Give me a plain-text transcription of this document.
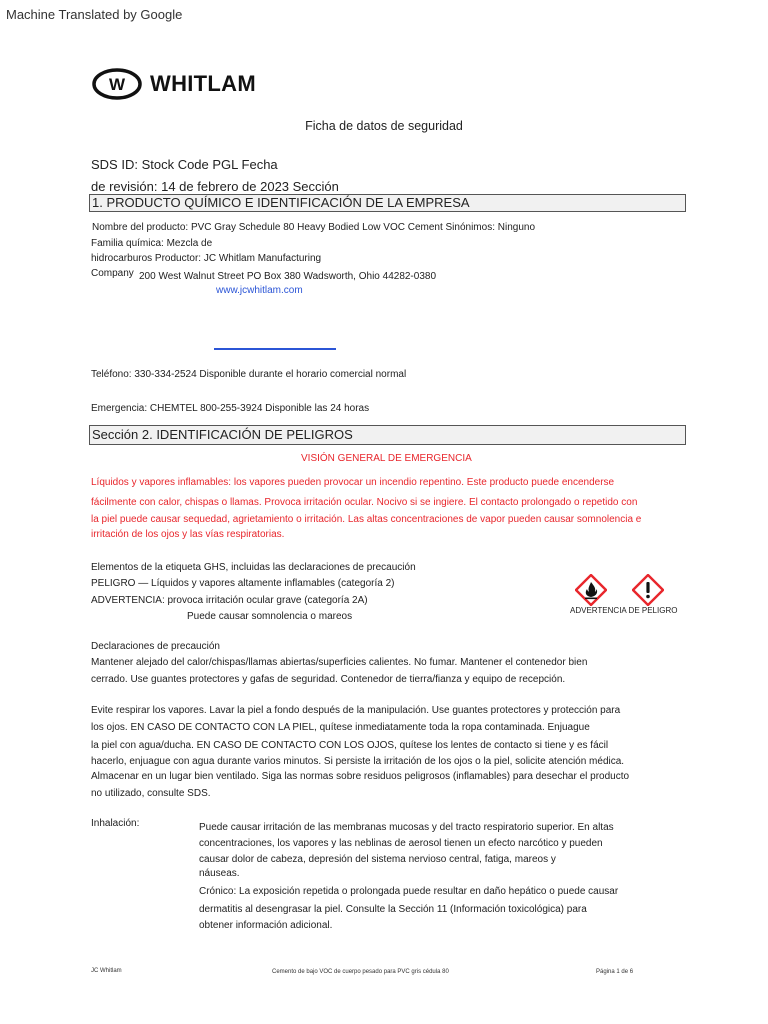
Machine Translated by Google
W WHITLAM
Ficha de datos de seguridad
SDS ID: Stock Code PGL Fecha
de revisión: 14 de febrero de 2023 Sección
1. PRODUCTO QUÍMICO E IDENTIFICACIÓN DE LA EMPRESA
Nombre del producto: PVC Gray Schedule 80 Heavy Bodied Low VOC Cement Sinónimos: Ninguno
Familia química: Mezcla de
hidrocarburos Productor: JC Whitlam Manufacturing
Company 200 West Walnut Street PO Box 380 Wadsworth, Ohio 44282-0380
www.jcwhitlam.com
Teléfono: 330-334-2524 Disponible durante el horario comercial normal
Emergencia: CHEMTEL 800-255-3924 Disponible las 24 horas
Sección 2. IDENTIFICACIÓN DE PELIGROS
VISIÓN GENERAL DE EMERGENCIA
Líquidos y vapores inflamables: los vapores pueden provocar un incendio repentino. Este producto puede encenderse
fácilmente con calor, chispas o llamas. Provoca irritación ocular. Nocivo si se ingiere. El contacto prolongado o repetido con
la piel puede causar sequedad, agrietamiento o irritación. Las altas concentraciones de vapor pueden causar somnolencia e
irritación de los ojos y las vías respiratorias.
Elementos de la etiqueta GHS, incluidas las declaraciones de precaución
PELIGRO — Líquidos y vapores altamente inflamables (categoría 2)
ADVERTENCIA: provoca irritación ocular grave (categoría 2A)
Puede causar somnolencia o mareos
ADVERTENCIA DE PELIGRO
Declaraciones de precaución
Mantener alejado del calor/chispas/llamas abiertas/superficies calientes. No fumar. Mantener el contenedor bien
cerrado. Use guantes protectores y gafas de seguridad. Contenedor de tierra/fianza y equipo de recepción.
Evite respirar los vapores. Lavar la piel a fondo después de la manipulación. Use guantes protectores y protección para
los ojos. EN CASO DE CONTACTO CON LA PIEL, quítese inmediatamente toda la ropa contaminada. Enjuague
la piel con agua/ducha. EN CASO DE CONTACTO CON LOS OJOS, quítese los lentes de contacto si tiene y es fácil
hacerlo, enjuague con agua durante varios minutos. Si persiste la irritación de los ojos o la piel, solicite atención médica.
Almacenar en un lugar bien ventilado. Siga las normas sobre residuos peligrosos (inflamables) para desechar el producto
no utilizado, consulte SDS.
Inhalación:	Puede causar irritación de las membranas mucosas y del tracto respiratorio superior. En altas
concentraciones, los vapores y las neblinas de aerosol tienen un efecto narcótico y pueden
causar dolor de cabeza, depresión del sistema nervioso central, fatiga, mareos y
náuseas.
Crónico: La exposición repetida o prolongada puede resultar en daño hepático o puede causar
dermatitis al desengrasar la piel. Consulte la Sección 11 (Información toxicológica) para
obtener información adicional.
JC Whitlam	Cemento de bajo VOC de cuerpo pesado para PVC gris cédula 80	Página 1 de 6
